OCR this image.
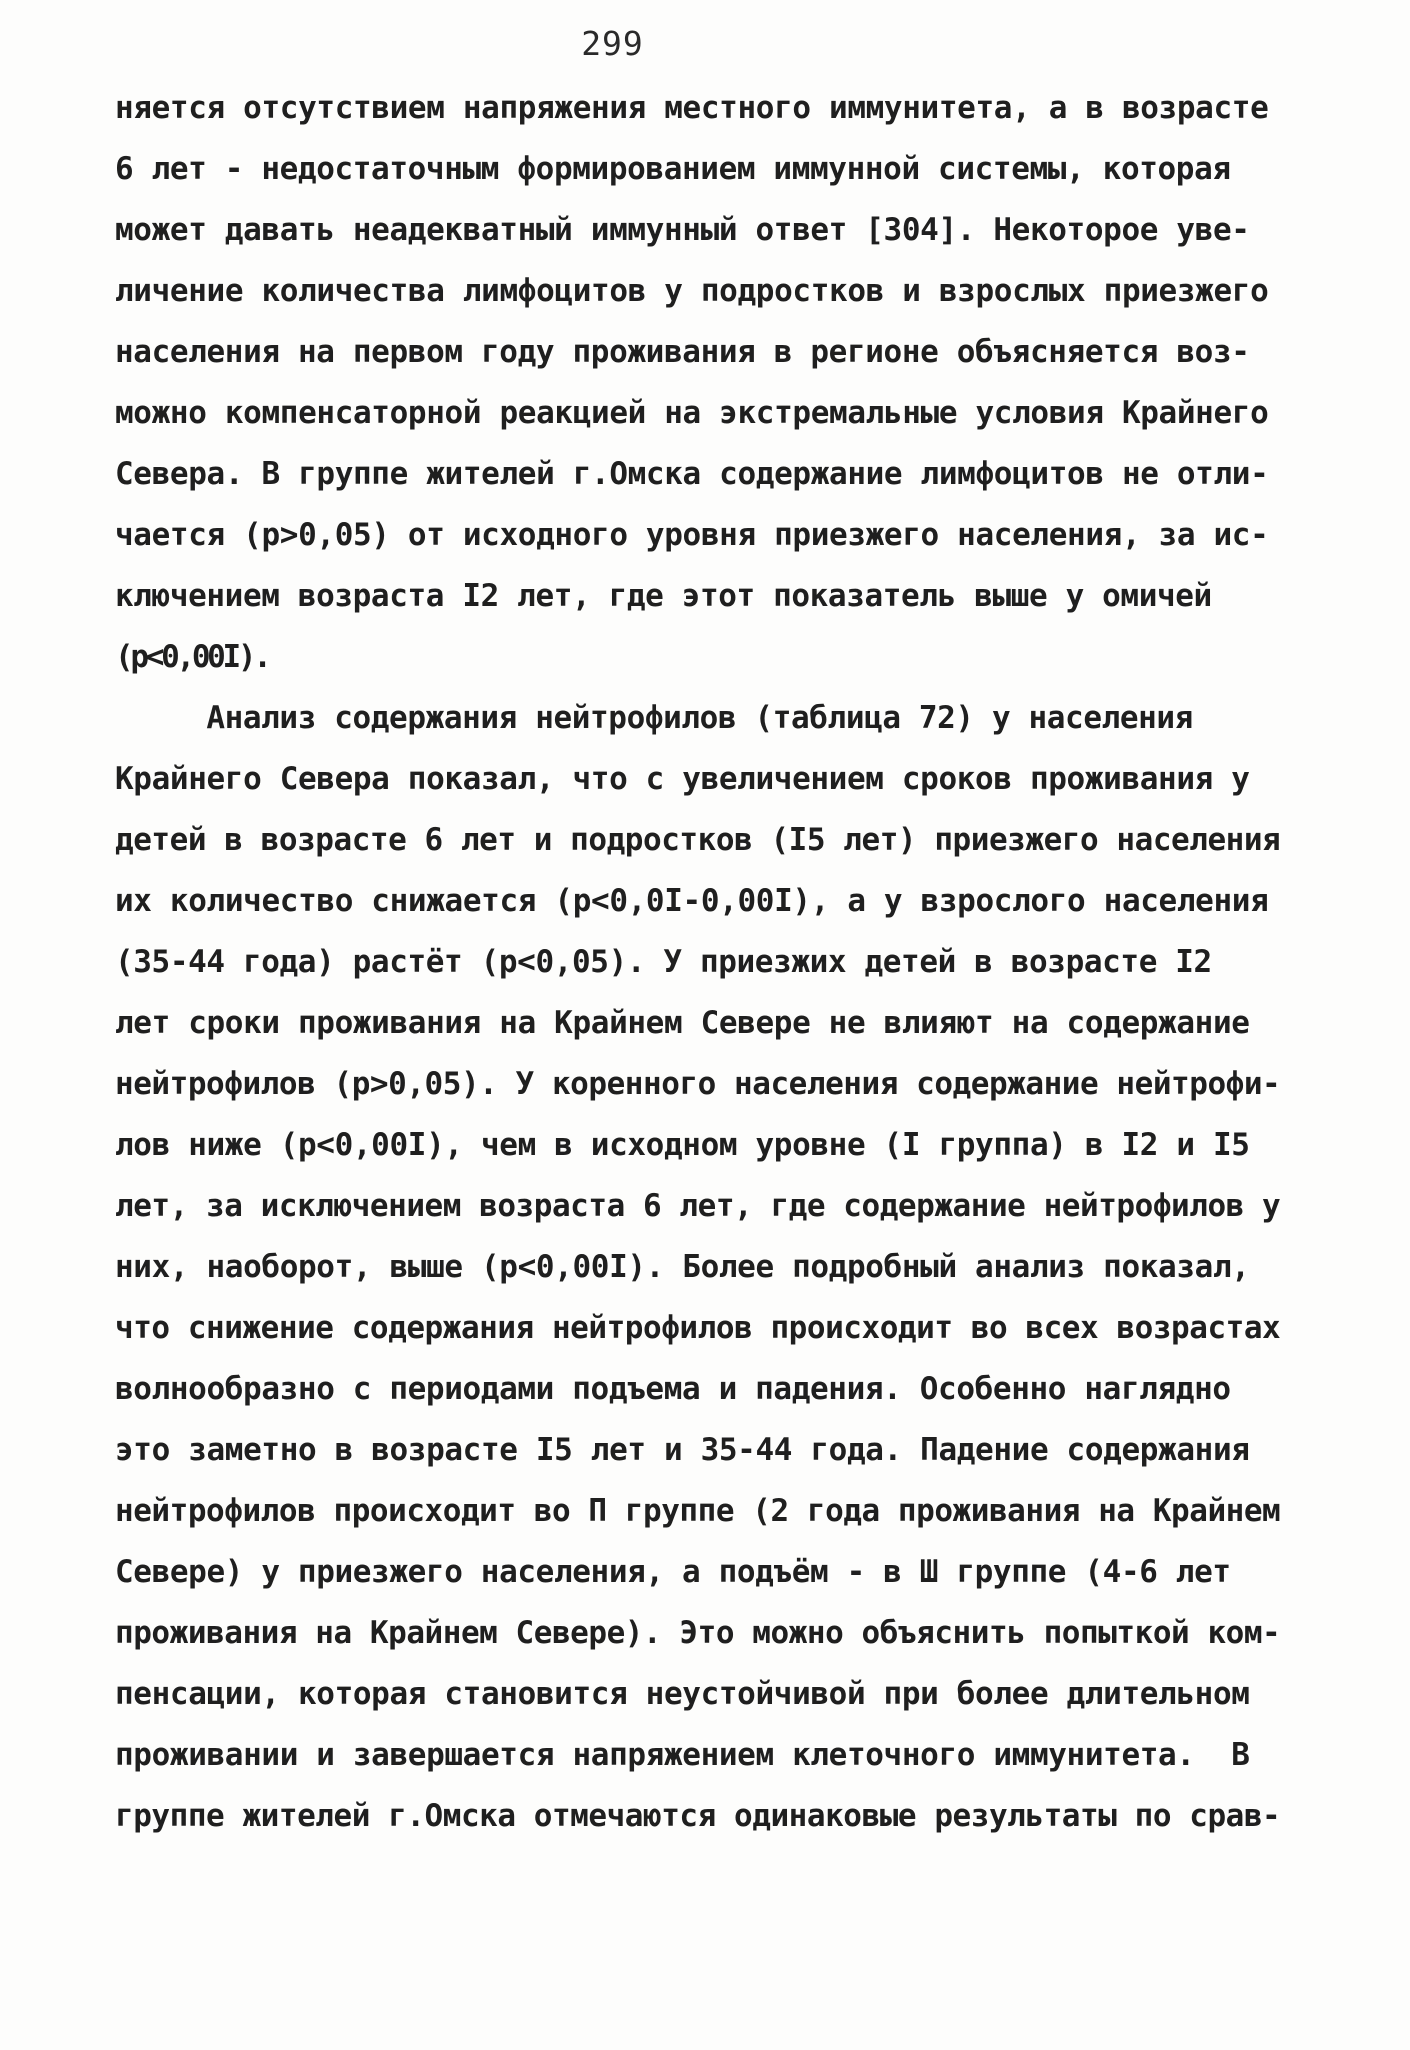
299
няется отсутствием напряжения местного иммунитета, а в возрасте
6 лет - недостаточным формированием иммунной системы, которая
может давать неадекватный иммунный ответ [304]. Некоторое уве-
личение количества лимфоцитов у подростков и взрослых приезжего
населения на первом году проживания в регионе объясняется воз-
можно компенсаторной реакцией на экстремальные условия Крайнего
Севера. В группе жителей г.Омска содержание лимфоцитов не отли-
чается (p>0,05) от исходного уровня приезжего населения, за ис-
ключением возраста I2 лет, где этот показатель выше у омичей
(p<0,00I).
Анализ содержания нейтрофилов (таблица 72) у населения
Крайнего Севера показал, что с увеличением сроков проживания у
детей в возрасте 6 лет и подростков (I5 лет) приезжего населения
их количество снижается (p<0,0I-0,00I), а у взрослого населения
(35-44 года) растёт (p<0,05). У приезжих детей в возрасте I2
лет сроки проживания на Крайнем Севере не влияют на содержание
нейтрофилов (p>0,05). У коренного населения содержание нейтрофи-
лов ниже (p<0,00I), чем в исходном уровне (I группа) в I2 и I5
лет, за исключением возраста 6 лет, где содержание нейтрофилов у
них, наоборот, выше (p<0,00I). Более подробный анализ показал,
что снижение содержания нейтрофилов происходит во всех возрастах
волнообразно с периодами подъема и падения. Особенно наглядно
это заметно в возрасте I5 лет и 35-44 года. Падение содержания
нейтрофилов происходит во П группе (2 года проживания на Крайнем
Севере) у приезжего населения, а подъём - в Ш группе (4-6 лет
проживания на Крайнем Севере). Это можно объяснить попыткой ком-
пенсации, которая становится неустойчивой при более длительном
проживании и завершается напряжением клеточного иммунитета.  В
группе жителей г.Омска отмечаются одинаковые результаты по срав-
